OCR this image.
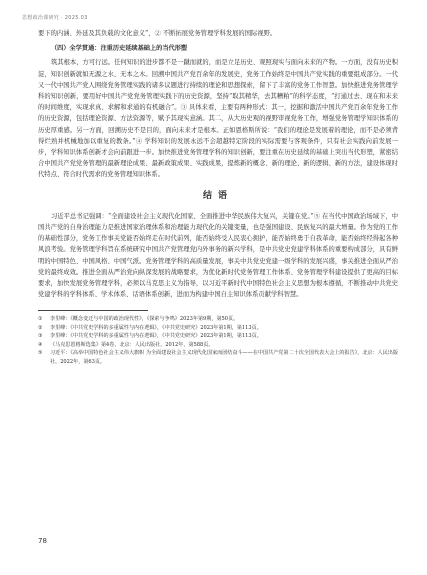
思想政治课研究 · 2025.03

要下的内涵、外延及其负载的文化意义”，② 不断拓展党务管理学科发展的国际视野。

（四）全学贯通：注重历史延续基础上的当代形塑

筑其根本，方可行远。任何知识的进步都不是一蹴而就的，而是立足历史、观照现实与面向未来的产物。一方面，没有历史积淀，知识创新就如无源之水、无本之木。回溯中国共产党百余年的发展史，党务工作始终是中国共产党实践的重要组成部分。一代又一代中国共产党人围绕党务管理实践的诸多议题进行持续的理论和思想探索，留下了丰富的党务工作智慧。加快推进党务管理学科的知识创新，要用好中国共产党党务管理实践下的历史资源，坚持“取其精华，去其糟粕”的科学态度，“打通过去、现在和未来的时间维度，实现求真、求解和求通的有机融合”。③ 具体来看，主要有两种形式：其一，挖掘和激活中国共产党百余年党务工作的历史资源，包括理论资源、方法资源等，赋予其现实意涵。其二，从大历史观的视野审视党务工作，增强党务管理学知识体系的历史厚重感。另一方面，回溯历史不是目的，面向未来才是根本。正如恩格斯所说：“我们的理论是发展着的理论，而不是必须背得烂熟并机械地加以重复的教条。”④ 学科知识的发展永远不会超越特定阶段的实际需要与客观条件，只有社会实践向前发展一步，学科知识体系创新才会向前跟进一步。加快推进党务管理学科的知识创新，要注重在历史延续的基础上突出当代形塑，紧密结合中国共产党党务管理的最新理论成果、最新政策成果、实践成果，提炼新的概念、新的理论、新的逻辑、新的方法，建设体现时代特点、符合时代需求的党务管理知识体系。

结语

习近平总书记强调：“全面建设社会主义现代化国家、全面推进中华民族伟大复兴，关键在党。”⑤ 在当代中国政治场域下，中国共产党的自身治理能力是推进国家治理体系和治理能力现代化的关键变量，也是强国建设、民族复兴的最大增量。作为党的工作的基础性部分，党务工作事关党能否始终走在时代前列，能否始终受人民衷心拥护，能否始终勇于自我革命，能否始终经得起各种风浪考验。党务管理学科旨在系统研究中国共产党管理党内外事务的新兴学科，是中共党史党建学科体系的重要构成部分，具有鲜明的中国特色、中国风格、中国气派。党务管理学科的高质量发展，事关中共党史党建一级学科的发展兴盛，事关推进全面从严治党的最终成效。推进全面从严治党向纵深发展的战略要求，为优化新时代党务管理工作体系、党务管理学科建设提供了更高的目标要求，加快发展党务管理学科，必须以马克思主义为指导，以习近平新时代中国特色社会主义思想为根本遵循，不断推动中共党史党建学科的学科体系、学术体系、话语体系创新，进而为构建中国自主知识体系贡献学科智慧。

① 李里峰：《概念变迁与中国的政治现代性》，《探索与争鸣》2023年第9期，第50页。

② 李里峰：《中共党史学科的多重属性与内在逻辑》，《中共党史研究》2023年第1期，第113页。

③ 李里峰：《中共党史学科的多重属性与内在逻辑》，《中共党史研究》2023年第1期，第113页。

④ 《马克思恩格斯选集》第4卷，北京：人民出版社，2012年，第588页。

⑤ 习近平：《高举中国特色社会主义伟大旗帜 为全面建设社会主义现代化国家而团结奋斗——在中国共产党第二十次全国代表大会上的报告》，北京：人民出版社，2022年，第63页。

78
